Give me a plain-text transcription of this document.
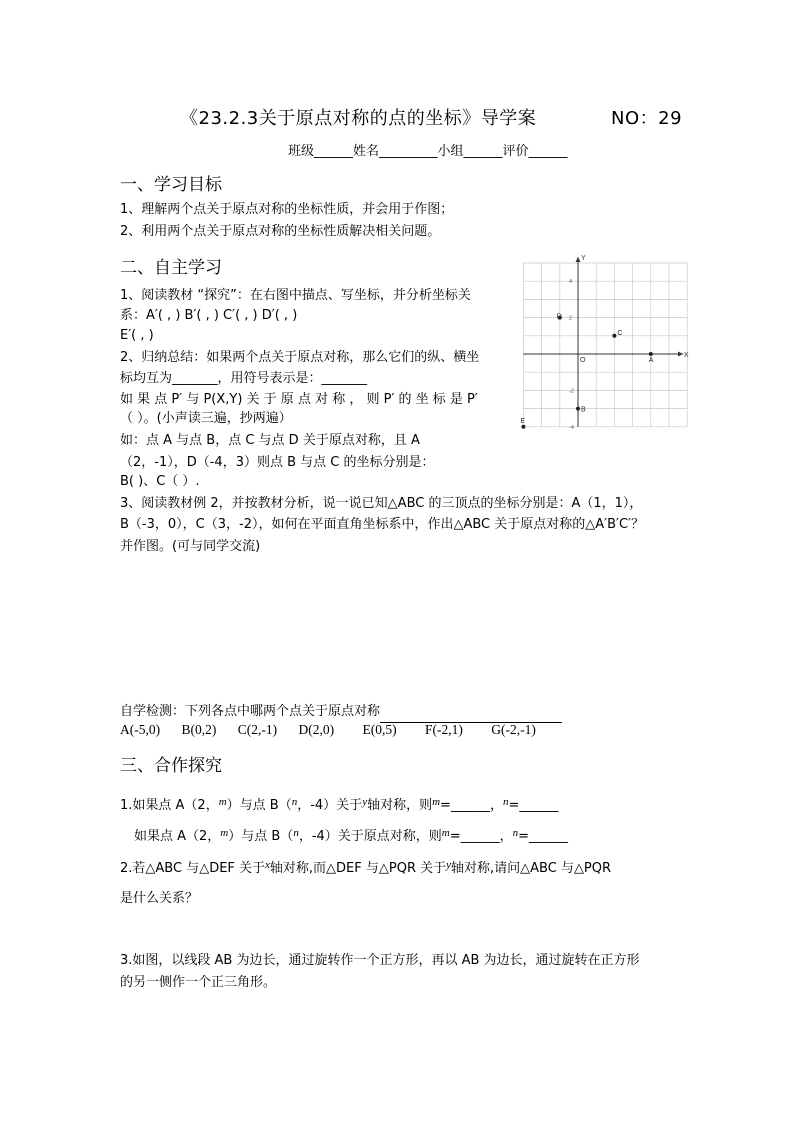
《23.2.3关于原点对称的点的坐标》导学案	NO：29
班级______姓名_________小组______评价______
一、学习目标
1、理解两个点关于原点对称的坐标性质，并会用于作图；
2、利用两个点关于原点对称的坐标性质解决相关问题。
二、自主学习
1、阅读教材 “探究”：在右图中描点、写坐标，并分析坐标关
系：A′( , ) B′( , ) C′( , ) D′( , )
E′( , )
2、归纳总结：如果两个点关于原点对称，那么它们的纵、横坐
标均互为_______，用符号表示是：_______
如 果 点 P′ 与 P(X,Y) 关 于 原 点 对 称 ， 则 P′ 的 坐 标 是 P′
（ ）。(小声读三遍，抄两遍）
如：点 A 与点 B，点 C 与点 D 关于原点对称，且 A
（2，-1），D（-4，3）则点 B 与点 C 的坐标分别是：
B( )、C（ ）.
3、阅读教材例 2，并按教材分析，说一说已知△ABC 的三顶点的坐标分别是：A（1，1），
B（-3，0），C（3，-2），如何在平面直角坐标系中，作出△ABC 关于原点对称的△A′B′C′？
并作图。(可与同学交流)
X
Y
O
4
2
-2
-4
A
B
C
D
E
自学检测：下列各点中哪两个点关于原点对称
A(-5,0) B(0,2) C(2,-1) D(2,0) E(0,5) F(-2,1) G(-2,-1)
三、合作探究
1.如果点 A（2，$^m$）与点 B（$^n$，-4）关于$^y$轴对称，则$^m$=______，$^n$=______
如果点 A（2，$^m$）与点 B（$^n$，-4）关于原点对称，则$^m$=______，$^n$=______
2.若△ABC 与△DEF 关于$^x$轴对称,而△DEF 与△PQR 关于$^y$轴对称,请问△ABC 与△PQR
是什么关系？
3.如图，以线段 AB 为边长，通过旋转作一个正方形，再以 AB 为边长，通过旋转在正方形
的另一侧作一个正三角形。
